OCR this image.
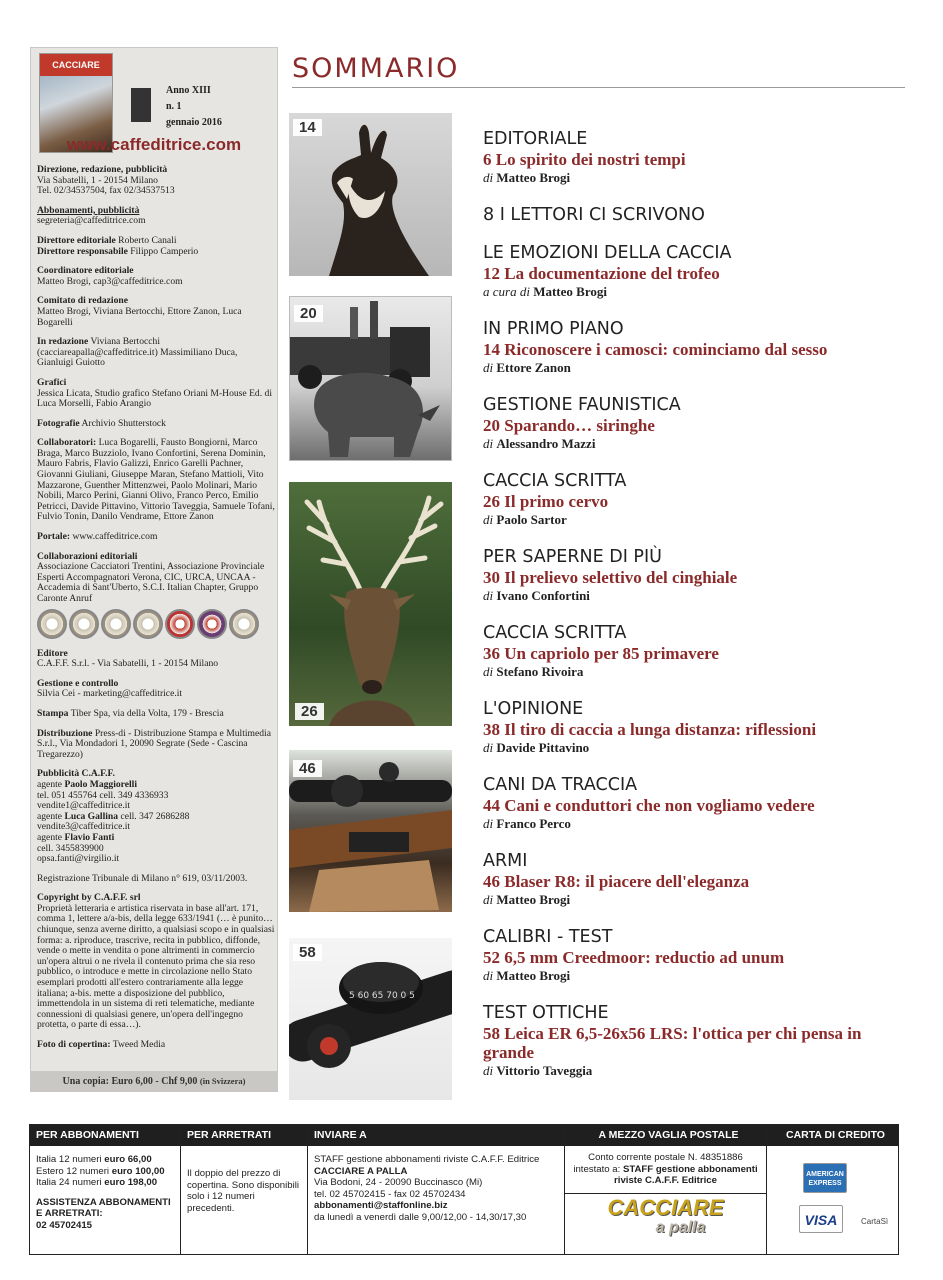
CACCIARE
Anno XIII
n. 1
gennaio 2016
www.caffeditrice.com
Direzione, redazione, pubblicità
Via Sabatelli, 1 - 20154 Milano
Tel. 02/34537504, fax 02/34537513
Abbonamenti, pubblicità
segreteria@caffeditrice.com
Direttore editoriale Roberto Canali
Direttore responsabile Filippo Camperio
Coordinatore editoriale
Matteo Brogi, cap3@caffeditrice.com
Comitato di redazione
Matteo Brogi, Viviana Bertocchi, Ettore Zanon, Luca Bogarelli
In redazione Viviana Bertocchi (cacciareapalla@caffeditrice.it) Massimiliano Duca, Gianluigi Guiotto
Grafici
Jessica Licata, Studio grafico Stefano Oriani M-House Ed. di Luca Morselli, Fabio Arangio
Fotografie Archivio Shutterstock
Collaboratori: Luca Bogarelli, Fausto Bongiorni, Marco Braga, Marco Buzziolo, Ivano Confortini, Serena Dominin, Mauro Fabris, Flavio Galizzi, Enrico Garelli Pachner, Giovanni Giuliani, Giuseppe Maran, Stefano Mattioli, Vito Mazzarone, Guenther Mittenzwei, Paolo Molinari, Mario Nobili, Marco Perini, Gianni Olivo, Franco Perco, Emilio Petricci, Davide Pittavino, Vittorio Taveggia, Samuele Tofani, Fulvio Tonin, Danilo Vendrame, Ettore Zanon
Portale: www.caffeditrice.com
Collaborazioni editoriali
Associazione Cacciatori Trentini, Associazione Provinciale Esperti Accompagnatori Verona, CIC, URCA, UNCAA - Accademia di Sant'Uberto, S.C.I. Italian Chapter, Gruppo Caronte Anruf
Editore
C.A.F.F. S.r.l. - Via Sabatelli, 1 - 20154 Milano
Gestione e controllo
Silvia Cei - marketing@caffeditrice.it
Stampa Tiber Spa, via della Volta, 179 - Brescia
Distribuzione Press-di - Distribuzione Stampa e Multimedia S.r.l., Via Mondadori 1, 20090 Segrate (Sede - Cascina Tregarezzo)
Pubblicità C.A.F.F.
agente Paolo Maggiorelli
tel. 051 455764 cell. 349 4336933
vendite1@caffeditrice.it
agente Luca Gallina cell. 347 2686288
vendite3@caffeditrice.it
agente Flavio Fanti
cell. 3455839900
opsa.fanti@virgilio.it
Registrazione Tribunale di Milano n° 619, 03/11/2003.
Copyright by C.A.F.F. srl
Proprietà letteraria e artistica riservata in base all'art. 171, comma 1, lettere a/a-bis, della legge 633/1941 (… è punito… chiunque, senza averne diritto, a qualsiasi scopo e in qualsiasi forma: a. riproduce, trascrive, recita in pubblico, diffonde, vende o mette in vendita o pone altrimenti in commercio un'opera altrui o ne rivela il contenuto prima che sia reso pubblico, o introduce e mette in circolazione nello Stato esemplari prodotti all'estero contrariamente alla legge italiana; a-bis. mette a disposizione del pubblico, immettendola in un sistema di reti telematiche, mediante connessioni di qualsiasi genere, un'opera dell'ingegno protetta, o parte di essa…).
Foto di copertina: Tweed Media
Una copia: Euro 6,00 - Chf 9,00 (in Svizzera)
SOMMARIO
14
20
26
46
5 60 65 70 0 5
58
EDITORIALE
6 Lo spirito dei nostri tempi
di Matteo Brogi
8 I LETTORI CI SCRIVONO
LE EMOZIONI DELLA CACCIA
12 La documentazione del trofeo
a cura di Matteo Brogi
IN PRIMO PIANO
14 Riconoscere i camosci: cominciamo dal sesso
di Ettore Zanon
GESTIONE FAUNISTICA
20 Sparando… siringhe
di Alessandro Mazzi
CACCIA SCRITTA
26 Il primo cervo
di Paolo Sartor
PER SAPERNE DI PIÙ
30 Il prelievo selettivo del cinghiale
di Ivano Confortini
CACCIA SCRITTA
36 Un capriolo per 85 primavere
di Stefano Rivoira
L'OPINIONE
38 Il tiro di caccia a lunga distanza: riflessioni
di Davide Pittavino
CANI DA TRACCIA
44 Cani e conduttori che non vogliamo vedere
di Franco Perco
ARMI
46 Blaser R8: il piacere dell'eleganza
di Matteo Brogi
CALIBRI - TEST
52 6,5 mm Creedmoor: reductio ad unum
di Matteo Brogi
TEST OTTICHE
58 Leica ER 6,5-26x56 LRS: l'ottica per chi pensa in grande
di Vittorio Taveggia
PER ABBONAMENTI
Italia 12 numeri euro 66,00
Estero 12 numeri euro 100,00
Italia 24 numeri euro 198,00
ASSISTENZA ABBONAMENTI E ARRETRATI:
02 45702415
PER ARRETRATI
Il doppio del prezzo di copertina. Sono disponibili solo i 12 numeri precedenti.
INVIARE A
STAFF gestione abbonamenti riviste C.A.F.F. Editrice
CACCIARE A PALLA
Via Bodoni, 24 - 20090 Buccinasco (Mi)
tel. 02 45702415 - fax 02 45702434
abbonamenti@staffonline.biz
da lunedì a venerdì dalle 9,00/12,00 - 14,30/17,30
A MEZZO VAGLIA POSTALE
Conto corrente postale N. 48351886
intestato a: STAFF gestione abbonamenti riviste C.A.F.F. Editrice
CACCIARE
a palla
CARTA DI CREDITO
AMERICAN EXPRESS
VISA	CartaSì
